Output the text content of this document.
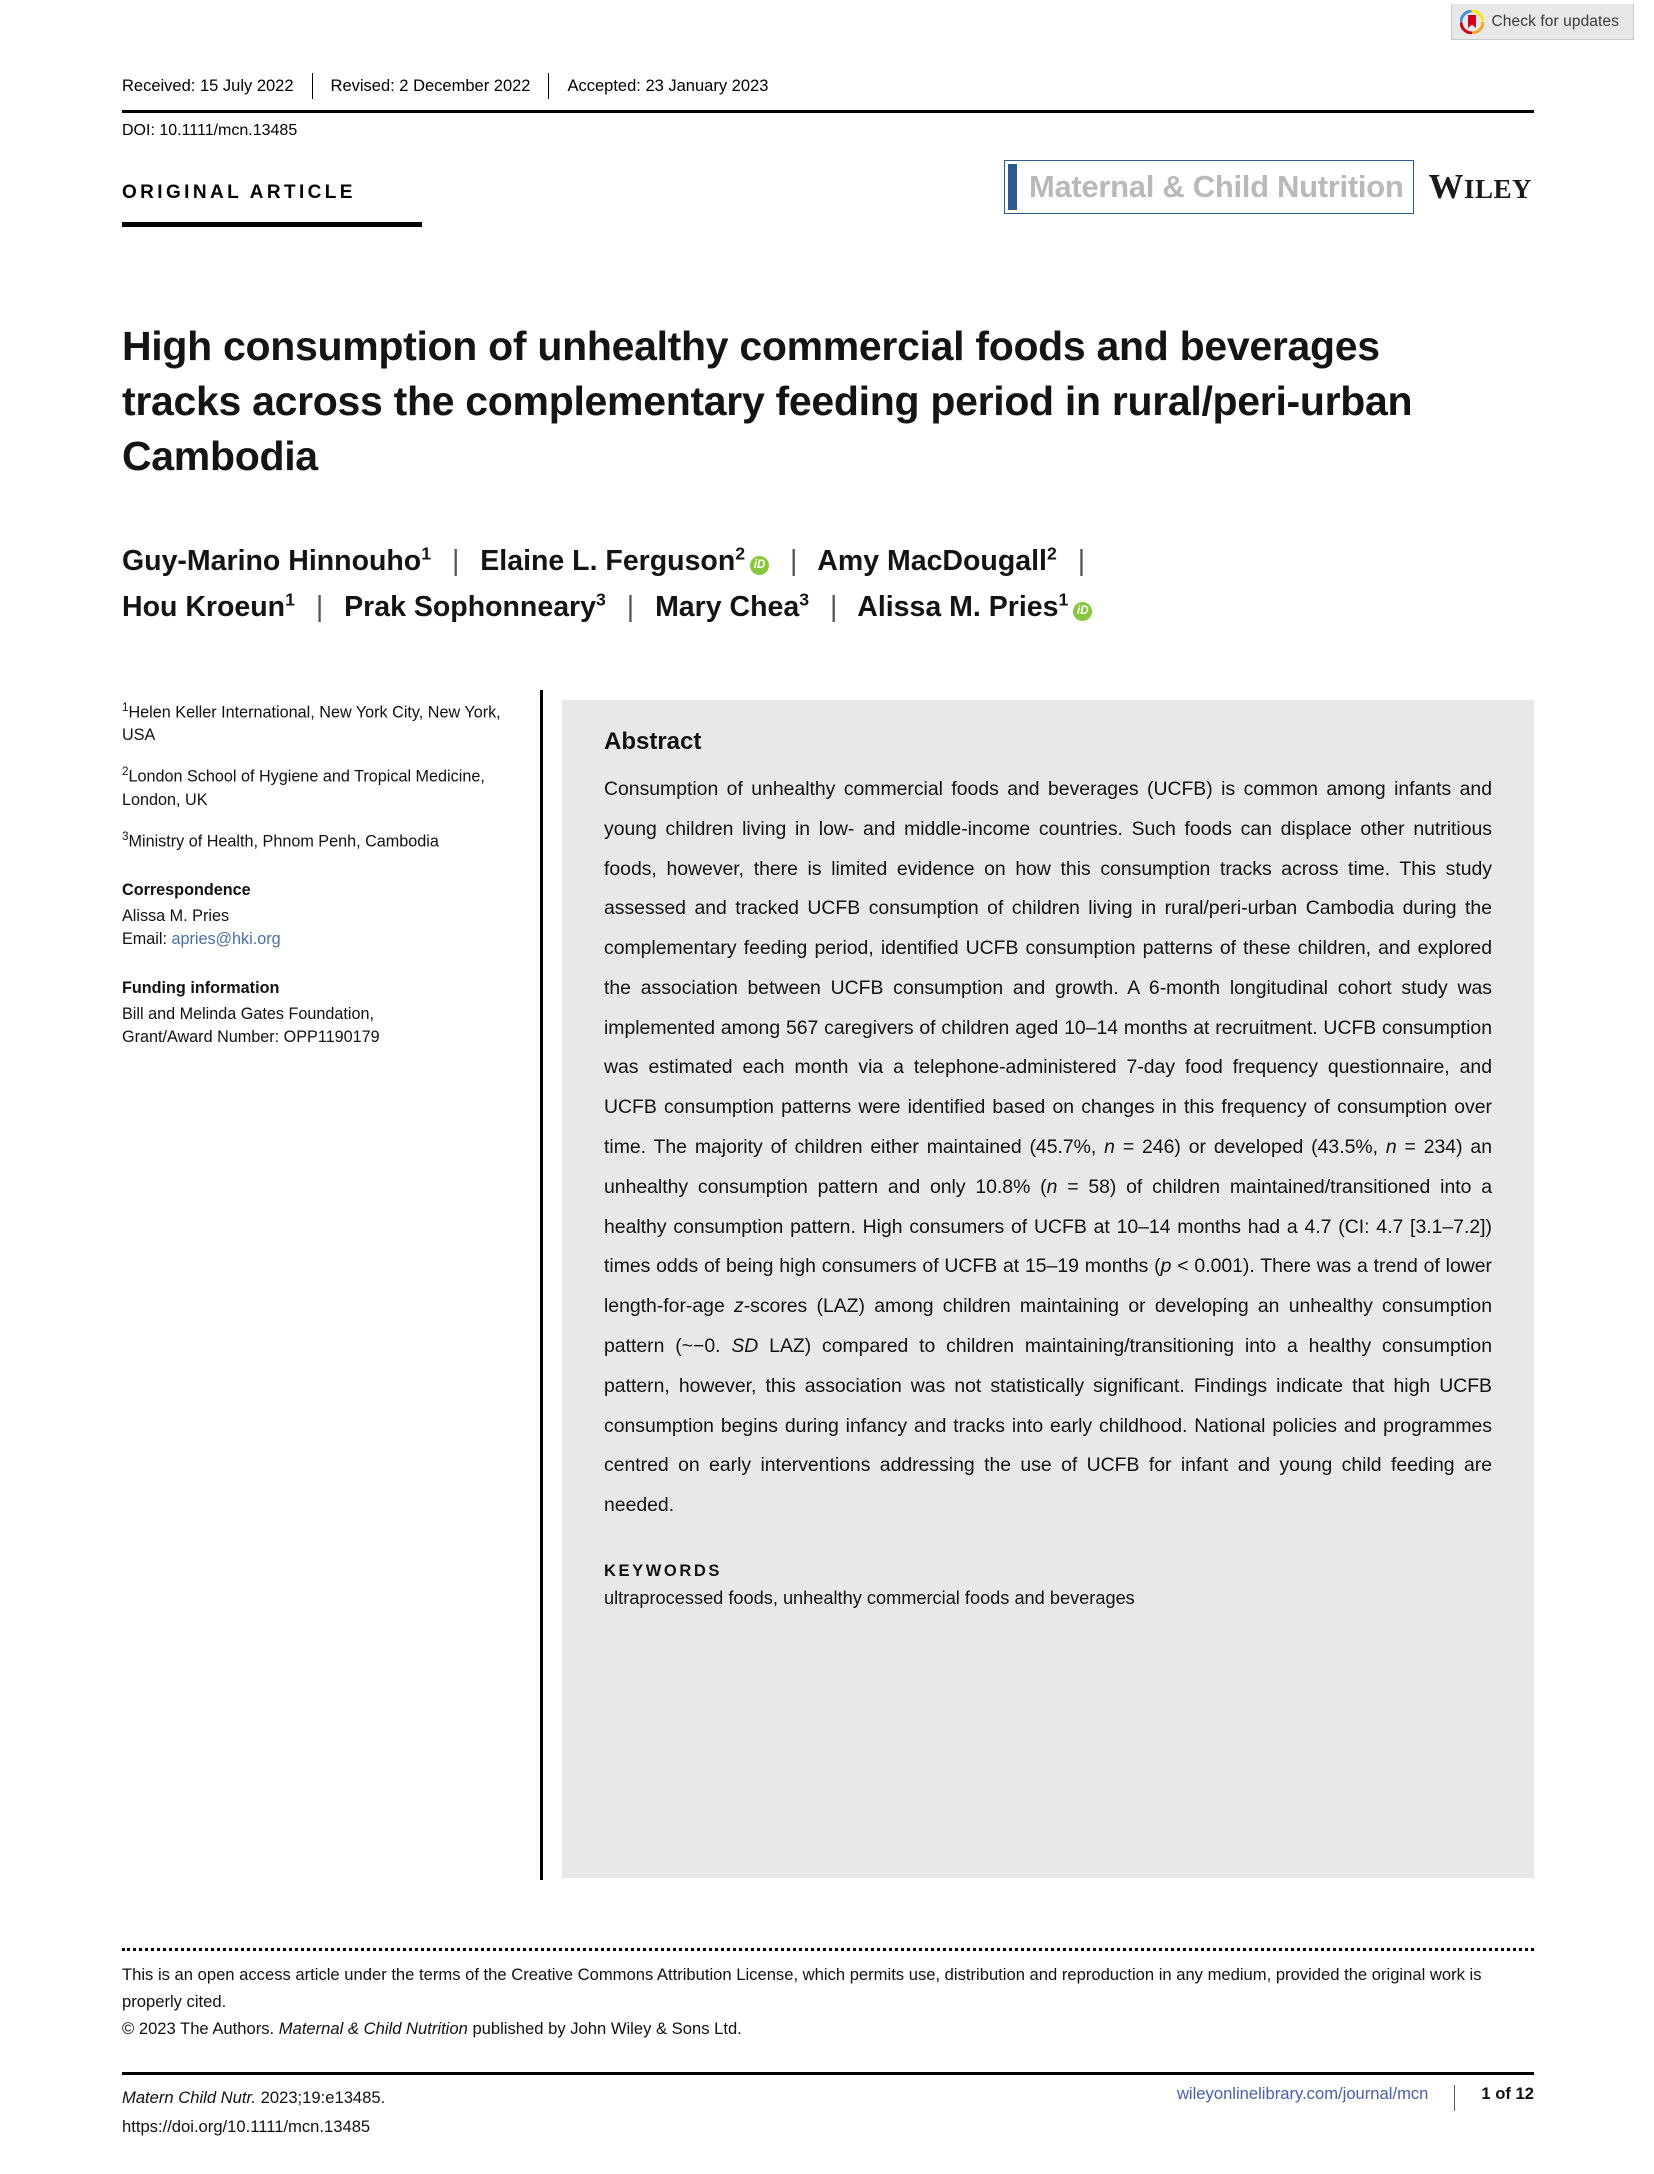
Check for updates
Received: 15 July 2022	Revised: 2 December 2022	Accepted: 23 January 2023
DOI: 10.1111/mcn.13485
ORIGINAL ARTICLE	Maternal & Child Nutrition WILEY
High consumption of unhealthy commercial foods and beverages tracks across the complementary feeding period in rural/peri-urban Cambodia
Guy-Marino Hinnouho$^1$ | Elaine L. Ferguson$^2$iD | Amy MacDougall$^2$ |
Hou Kroeun$^1$ | Prak Sophonneary$^3$ | Mary Chea$^3$ | Alissa M. Pries$^1$iD
$^1$Helen Keller International, New York City, New York, USA
$^2$London School of Hygiene and Tropical Medicine, London, UK
$^3$Ministry of Health, Phnom Penh, Cambodia
Correspondence
Alissa M. Pries
Email: apries@hki.org
Funding information
Bill and Melinda Gates Foundation,
Grant/Award Number: OPP1190179
Abstract
Consumption of unhealthy commercial foods and beverages (UCFB) is common among infants and young children living in low- and middle-income countries. Such foods can displace other nutritious foods, however, there is limited evidence on how this consumption tracks across time. This study assessed and tracked UCFB consumption of children living in rural/peri-urban Cambodia during the complementary feeding period, identified UCFB consumption patterns of these children, and explored the association between UCFB consumption and growth. A 6-month longitudinal cohort study was implemented among 567 caregivers of children aged 10–14 months at recruitment. UCFB consumption was estimated each month via a telephone-administered 7-day food frequency questionnaire, and UCFB consumption patterns were identified based on changes in this frequency of consumption over time. The majority of children either maintained (45.7%, n = 246) or developed (43.5%, n = 234) an unhealthy consumption pattern and only 10.8% (n = 58) of children maintained/transitioned into a healthy consumption pattern. High consumers of UCFB at 10–14 months had a 4.7 (CI: 4.7 [3.1–7.2]) times odds of being high consumers of UCFB at 15–19 months (p < 0.001). There was a trend of lower length-for-age z-scores (LAZ) among children maintaining or developing an unhealthy consumption pattern (~−0. SD LAZ) compared to children maintaining/transitioning into a healthy consumption pattern, however, this association was not statistically significant. Findings indicate that high UCFB consumption begins during infancy and tracks into early childhood. National policies and programmes centred on early interventions addressing the use of UCFB for infant and young child feeding are needed.
KEYWORDS
ultraprocessed foods, unhealthy commercial foods and beverages
This is an open access article under the terms of the Creative Commons Attribution License, which permits use, distribution and reproduction in any medium, provided the original work is properly cited.
© 2023 The Authors. Maternal & Child Nutrition published by John Wiley & Sons Ltd.
Matern Child Nutr. 2023;19:e13485.
https://doi.org/10.1111/mcn.13485
wileyonlinelibrary.com/journal/mcn	1 of 12
